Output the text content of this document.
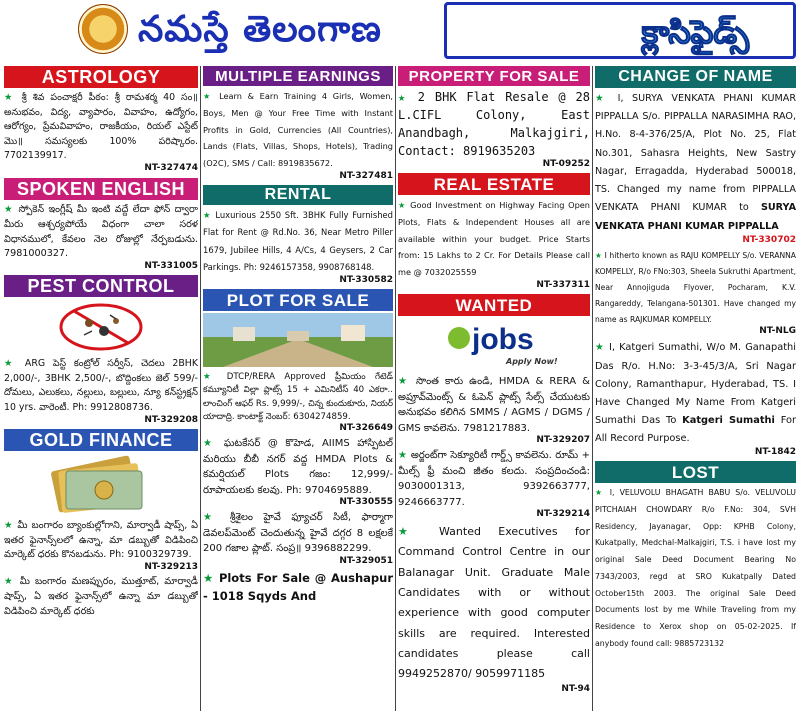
నమస్తే తెలంగాణ	క్లాసిఫైడ్స్
ASTROLOGY
★ శ్రీ శివ పంచాక్షరీ పీఠం: శ్రీ రామశర్మ 40 సం॥ అనుభవం, విద్య, వ్యాపారం, వివాహం, ఉద్యోగం, ఆరోగ్యం, ప్రేమవివాహం, రాజకీయం, రియల్ ఎస్టేట్ మొ॥ సమస్యలకు 100% పరిష్కారం. 7702139917.
NT-327474
SPOKEN ENGLISH
★ స్పోకెన్ ఇంగ్లీష్ మీ ఇంటి వద్దే లేదా ఫోన్ ద్వారా మీరు ఆశ్చర్యపోయే విధంగా చాలా సరళ విధానములో, కేవలం నెల రోజుల్లో నేర్పబడును. 7981000327.
NT-331005
PEST CONTROL
★ ARG పెస్ట్ కంట్రోల్ సర్వీస్, చెదలు 2BHK 2,000/-, 3BHK 2,500/-, బొద్దింకలు జెల్ 599/- దోమలు, ఎలుకలు, నల్లులు, బల్లులు, న్యూ కన్‌స్ట్రక్షన్ 10 yrs. వారెంటీ. Ph: 9912808736.
NT-329208
GOLD FINANCE
★ మీ బంగారం బ్యాంకుల్లోగాని, మార్వాడీ షాప్స్, ఏ ఇతర ఫైనాన్స్‌లలో ఉన్నా, మా డబ్బుతో విడిపించి మార్కెట్ ధరకు కొనబడును. Ph: 9100329739.
NT-329213
★ మీ బంగారం మణప్పురం, ముత్తూట్, మార్వాడీ షాప్స్, ఏ ఇతర ఫైనాన్స్‌లో ఉన్నా మా డబ్బుతో విడిపించి మార్కెట్ ధరకు
MULTIPLE EARNINGS
★ Learn & Earn Training 4 Girls, Women, Boys, Men @ Your Free Time with Instant Profits in Gold, Currencies (All Countries), Lands (Flats, Villas, Shops, Hotels), Trading (O2C), SMS / Call: 8919835672.
NT-327481
RENTAL
★ Luxurious 2550 Sft. 3BHK Fully Furnished Flat for Rent @ Rd.No. 36, Near Metro Piller 1679, Jubilee Hills, 4 A/Cs, 4 Geysers, 2 Car Parkings. Ph: 9246157358, 9908768148.
NT-330582
PLOT FOR SALE
★ DTCP/RERA Approved ప్రీమియం గేటెడ్ కమ్యూనిటీ విల్లా ప్లాట్స్ 15 + ఎమినిటీస్ 40 ఎకరా.. లాంచింగ్ ఆఫర్ Rs. 9,999/-, చిన్న కుందుకూరు, నియర్ యాదాద్రి. కాంటాక్ట్ నెంబర్: 6304274859.
NT-326649
★ ఘటకేసర్ @ కొహెడ, AIIMS హాస్పిటల్ మరియు బీబీ నగర్ వద్ద HMDA Plots & కమర్షియల్ Plots గజం: 12,999/- రూపాయలకు కలవు. Ph: 9704695889.
NT-330555
★ శ్రీశైలం హైవే ఫ్యూచర్ సిటీ, ఫార్మాగా డెవలప్‌మెంట్ చెందుతున్న హైవే దగ్గర 8 లక్షలకే 200 గజాల ప్లాట్. సంప్ర॥ 9396882299.
NT-329051
★ Plots For Sale @ Aushapur - 1018 Sqyds And
PROPERTY FOR SALE
★ 2 BHK Flat Resale @ 28 L.CIFL Colony, East Anandbagh, Malkajgiri, Contact: 8919635203
NT-09252
REAL ESTATE
★ Good Investment on Highway Facing Open Plots, Flats & Independent Houses all are available within your budget. Price Starts from: 15 Lakhs to 2 Cr. For Details Please call me @ 7032025559
NT-337311
WANTED
jobs
Apply Now!
★ సొంత కారు ఉండి, HMDA & RERA & అప్రూవ్‌మెంట్స్ & ఓపెన్ ప్లాట్స్ సేల్స్ చేయుటకు అనుభవం కలిగిన SMMS / AGMS / DGMS / GMS కావలెను. 7981217883.
NT-329207
★ అర్జంట్‌గా సెక్యూరిటీ గార్డ్స్ కావలెను. రూమ్ + మీల్స్ ఫ్రీ మంచి జీతం కలదు. సంప్రదించండి: 9030001313, 9392663777, 9246663777.
NT-329214
★ Wanted Executives for Command Control Centre in our Balanagar Unit. Graduate Male Candidates with or without experience with good computer skills are required. Interested candidates please call 9949252870/ 9059971185
NT-94
CHANGE OF NAME
★ I, SURYA VENKATA PHANI KUMAR PIPPALLA S/o. PIPPALLA NARASIMHA RAO, H.No. 8-4-376/25/A, Plot No. 25, Flat No.301, Sahasra Heights, New Sastry Nagar, Erragadda, Hyderabad 500018, TS. Changed my name from PIPPALLA VENKATA PHANI KUMAR to SURYA VENKATA PHANI KUMAR PIPPALLA
NT-330702
★ I hitherto known as RAJU KOMPELLY S/o. VERANNA KOMPELLY, R/o FNo:303, Sheela Sukruthi Apartment, Near Annojiguda Flyover, Pocharam, K.V. Rangareddy, Telangana-501301. Have changed my name as RAJKUMAR KOMPELLY.
NT-NLG
★ I, Katgeri Sumathi, W/o M. Ganapathi Das R/o. H.No: 3-3-45/3/A, Sri Nagar Colony, Ramanthapur, Hyderabad, TS. I Have Changed My Name From Katgeri Sumathi Das To Katgeri Sumathi For All Record Purpose.
NT-1842
LOST
★ I, VELUVOLU BHAGATH BABU S/o. VELUVOLU PITCHAIAH CHOWDARY R/o F.No: 304, SVH Residency, Jayanagar, Opp: KPHB Colony, Kukatpally, Medchal-Malkajgiri, T.S. i have lost my original Sale Deed Document Bearing No 7343/2003, regd at SRO Kukatpally Dated October15th 2003. The original Sale Deed Documents lost by me While Traveling from my Residence to Xerox shop on 05-02-2025. If anybody found call: 9885723132
